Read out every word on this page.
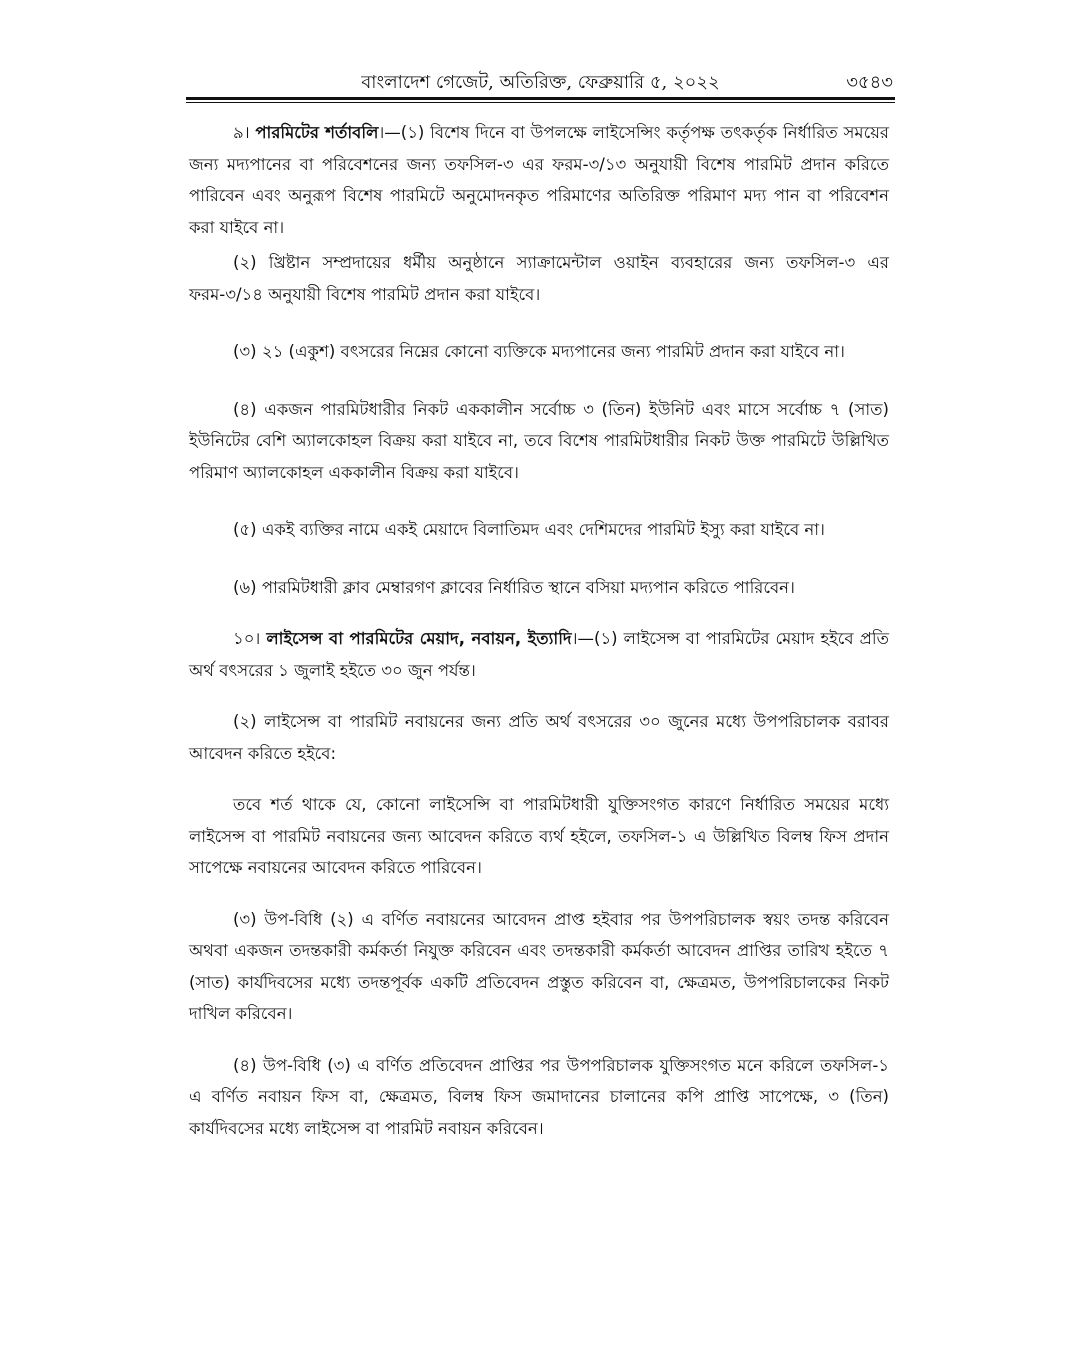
বাংলাদেশ গেজেট, অতিরিক্ত, ফেব্রুয়ারি ৫, ২০২২	৩৫৪৩

৯। পারমিটের শর্তাবলি।—(১) বিশেষ দিনে বা উপলক্ষে লাইসেন্সিং কর্তৃপক্ষ তৎকর্তৃক নির্ধারিত সময়ের জন্য মদ্যপানের বা পরিবেশনের জন্য তফসিল-৩ এর ফরম-৩/১৩ অনুযায়ী বিশেষ পারমিট প্রদান করিতে পারিবেন এবং অনুরূপ বিশেষ পারমিটে অনুমোদনকৃত পরিমাণের অতিরিক্ত পরিমাণ মদ্য পান বা পরিবেশন করা যাইবে না।

(২) খ্রিষ্টান সম্প্রদায়ের ধর্মীয় অনুষ্ঠানে স্যাক্রামেন্টাল ওয়াইন ব্যবহারের জন্য তফসিল-৩ এর ফরম-৩/১৪ অনুযায়ী বিশেষ পারমিট প্রদান করা যাইবে।

(৩) ২১ (একুশ) বৎসরের নিম্নের কোনো ব্যক্তিকে মদ্যপানের জন্য পারমিট প্রদান করা যাইবে না।

(৪) একজন পারমিটধারীর নিকট এককালীন সর্বোচ্চ ৩ (তিন) ইউনিট এবং মাসে সর্বোচ্চ ৭ (সাত) ইউনিটের বেশি অ্যালকোহল বিক্রয় করা যাইবে না, তবে বিশেষ পারমিটধারীর নিকট উক্ত পারমিটে উল্লিখিত পরিমাণ অ্যালকোহল এককালীন বিক্রয় করা যাইবে।

(৫) একই ব্যক্তির নামে একই মেয়াদে বিলাতিমদ এবং দেশিমদের পারমিট ইস্যু করা যাইবে না।

(৬) পারমিটধারী ক্লাব মেম্বারগণ ক্লাবের নির্ধারিত স্থানে বসিয়া মদ্যপান করিতে পারিবেন।

১০। লাইসেন্স বা পারমিটের মেয়াদ, নবায়ন, ইত্যাদি।—(১) লাইসেন্স বা পারমিটের মেয়াদ হইবে প্রতি অর্থ বৎসরের ১ জুলাই হইতে ৩০ জুন পর্যন্ত।

(২) লাইসেন্স বা পারমিট নবায়নের জন্য প্রতি অর্থ বৎসরের ৩০ জুনের মধ্যে উপপরিচালক বরাবর আবেদন করিতে হইবে:

তবে শর্ত থাকে যে, কোনো লাইসেন্সি বা পারমিটধারী যুক্তিসংগত কারণে নির্ধারিত সময়ের মধ্যে লাইসেন্স বা পারমিট নবায়নের জন্য আবেদন করিতে ব্যর্থ হইলে, তফসিল-১ এ উল্লিখিত বিলম্ব ফিস প্রদান সাপেক্ষে নবায়নের আবেদন করিতে পারিবেন।

(৩) উপ-বিধি (২) এ বর্ণিত নবায়নের আবেদন প্রাপ্ত হইবার পর উপপরিচালক স্বয়ং তদন্ত করিবেন অথবা একজন তদন্তকারী কর্মকর্তা নিযুক্ত করিবেন এবং তদন্তকারী কর্মকর্তা আবেদন প্রাপ্তির তারিখ হইতে ৭ (সাত) কার্যদিবসের মধ্যে তদন্তপূর্বক একটি প্রতিবেদন প্রস্তুত করিবেন বা, ক্ষেত্রমত, উপপরিচালকের নিকট দাখিল করিবেন।

(৪) উপ-বিধি (৩) এ বর্ণিত প্রতিবেদন প্রাপ্তির পর উপপরিচালক যুক্তিসংগত মনে করিলে তফসিল-১ এ বর্ণিত নবায়ন ফিস বা, ক্ষেত্রমত, বিলম্ব ফিস জমাদানের চালানের কপি প্রাপ্তি সাপেক্ষে, ৩ (তিন) কার্যদিবসের মধ্যে লাইসেন্স বা পারমিট নবায়ন করিবেন।
